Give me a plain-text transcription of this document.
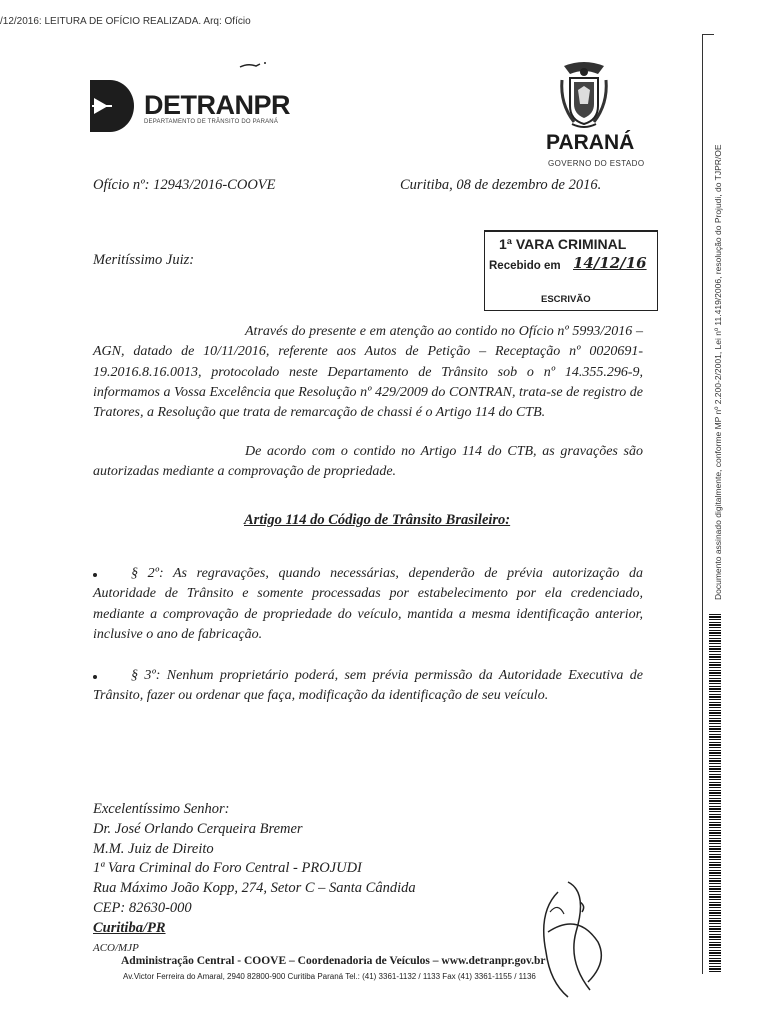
/12/2016: LEITURA DE OFÍCIO REALIZADA. Arq: Ofício
DETRANPR
DEPARTAMENTO DE TRÂNSITO DO PARANÁ
PARANÁ
GOVERNO DO ESTADO
Ofício nº: 12943/2016-COOVE	Curitiba, 08 de dezembro de 2016.
Meritíssimo Juiz:
1ª VARA CRIMINAL
Recebido em 14/12/16
ESCRIVÃO
Através do presente e em atenção ao contido no Ofício nº 5993/2016 – AGN, datado de 10/11/2016, referente aos Autos de Petição – Receptação nº 0020691-19.2016.8.16.0013, protocolado neste Departamento de Trânsito sob o nº 14.355.296-9, informamos a Vossa Excelência que Resolução nº 429/2009 do CONTRAN, trata-se de registro de Tratores, a Resolução que trata de remarcação de chassi é o Artigo 114 do CTB.
De acordo com o contido no Artigo 114 do CTB, as gravações são autorizadas mediante a comprovação de propriedade.
Artigo 114 do Código de Trânsito Brasileiro:
§ 2º: As regravações, quando necessárias, dependerão de prévia autorização da Autoridade de Trânsito e somente processadas por estabelecimento por ela credenciado, mediante a comprovação de propriedade do veículo, mantida a mesma identificação anterior, inclusive o ano de fabricação.
§ 3º: Nenhum proprietário poderá, sem prévia permissão da Autoridade Executiva de Trânsito, fazer ou ordenar que faça, modificação da identificação de seu veículo.
Excelentíssimo Senhor:
Dr. José Orlando Cerqueira Bremer
M.M. Juiz de Direito
1ª Vara Criminal do Foro Central - PROJUDI
Rua Máximo João Kopp, 274, Setor C – Santa Cândida
CEP: 82630-000
Curitiba/PR
ACO/MJP
Administração Central - COOVE – Coordenadoria de Veículos – www.detranpr.gov.br
Av.Victor Ferreira do Amaral, 2940 82800-900 Curitiba Paraná Tel.: (41) 3361-1132 / 1133 Fax (41) 3361-1155 / 1136
Documento assinado digitalmente, conforme MP nº 2.200-2/2001, Lei nº 11.419/2006, resolução do Projudi, do TJPR/OE
